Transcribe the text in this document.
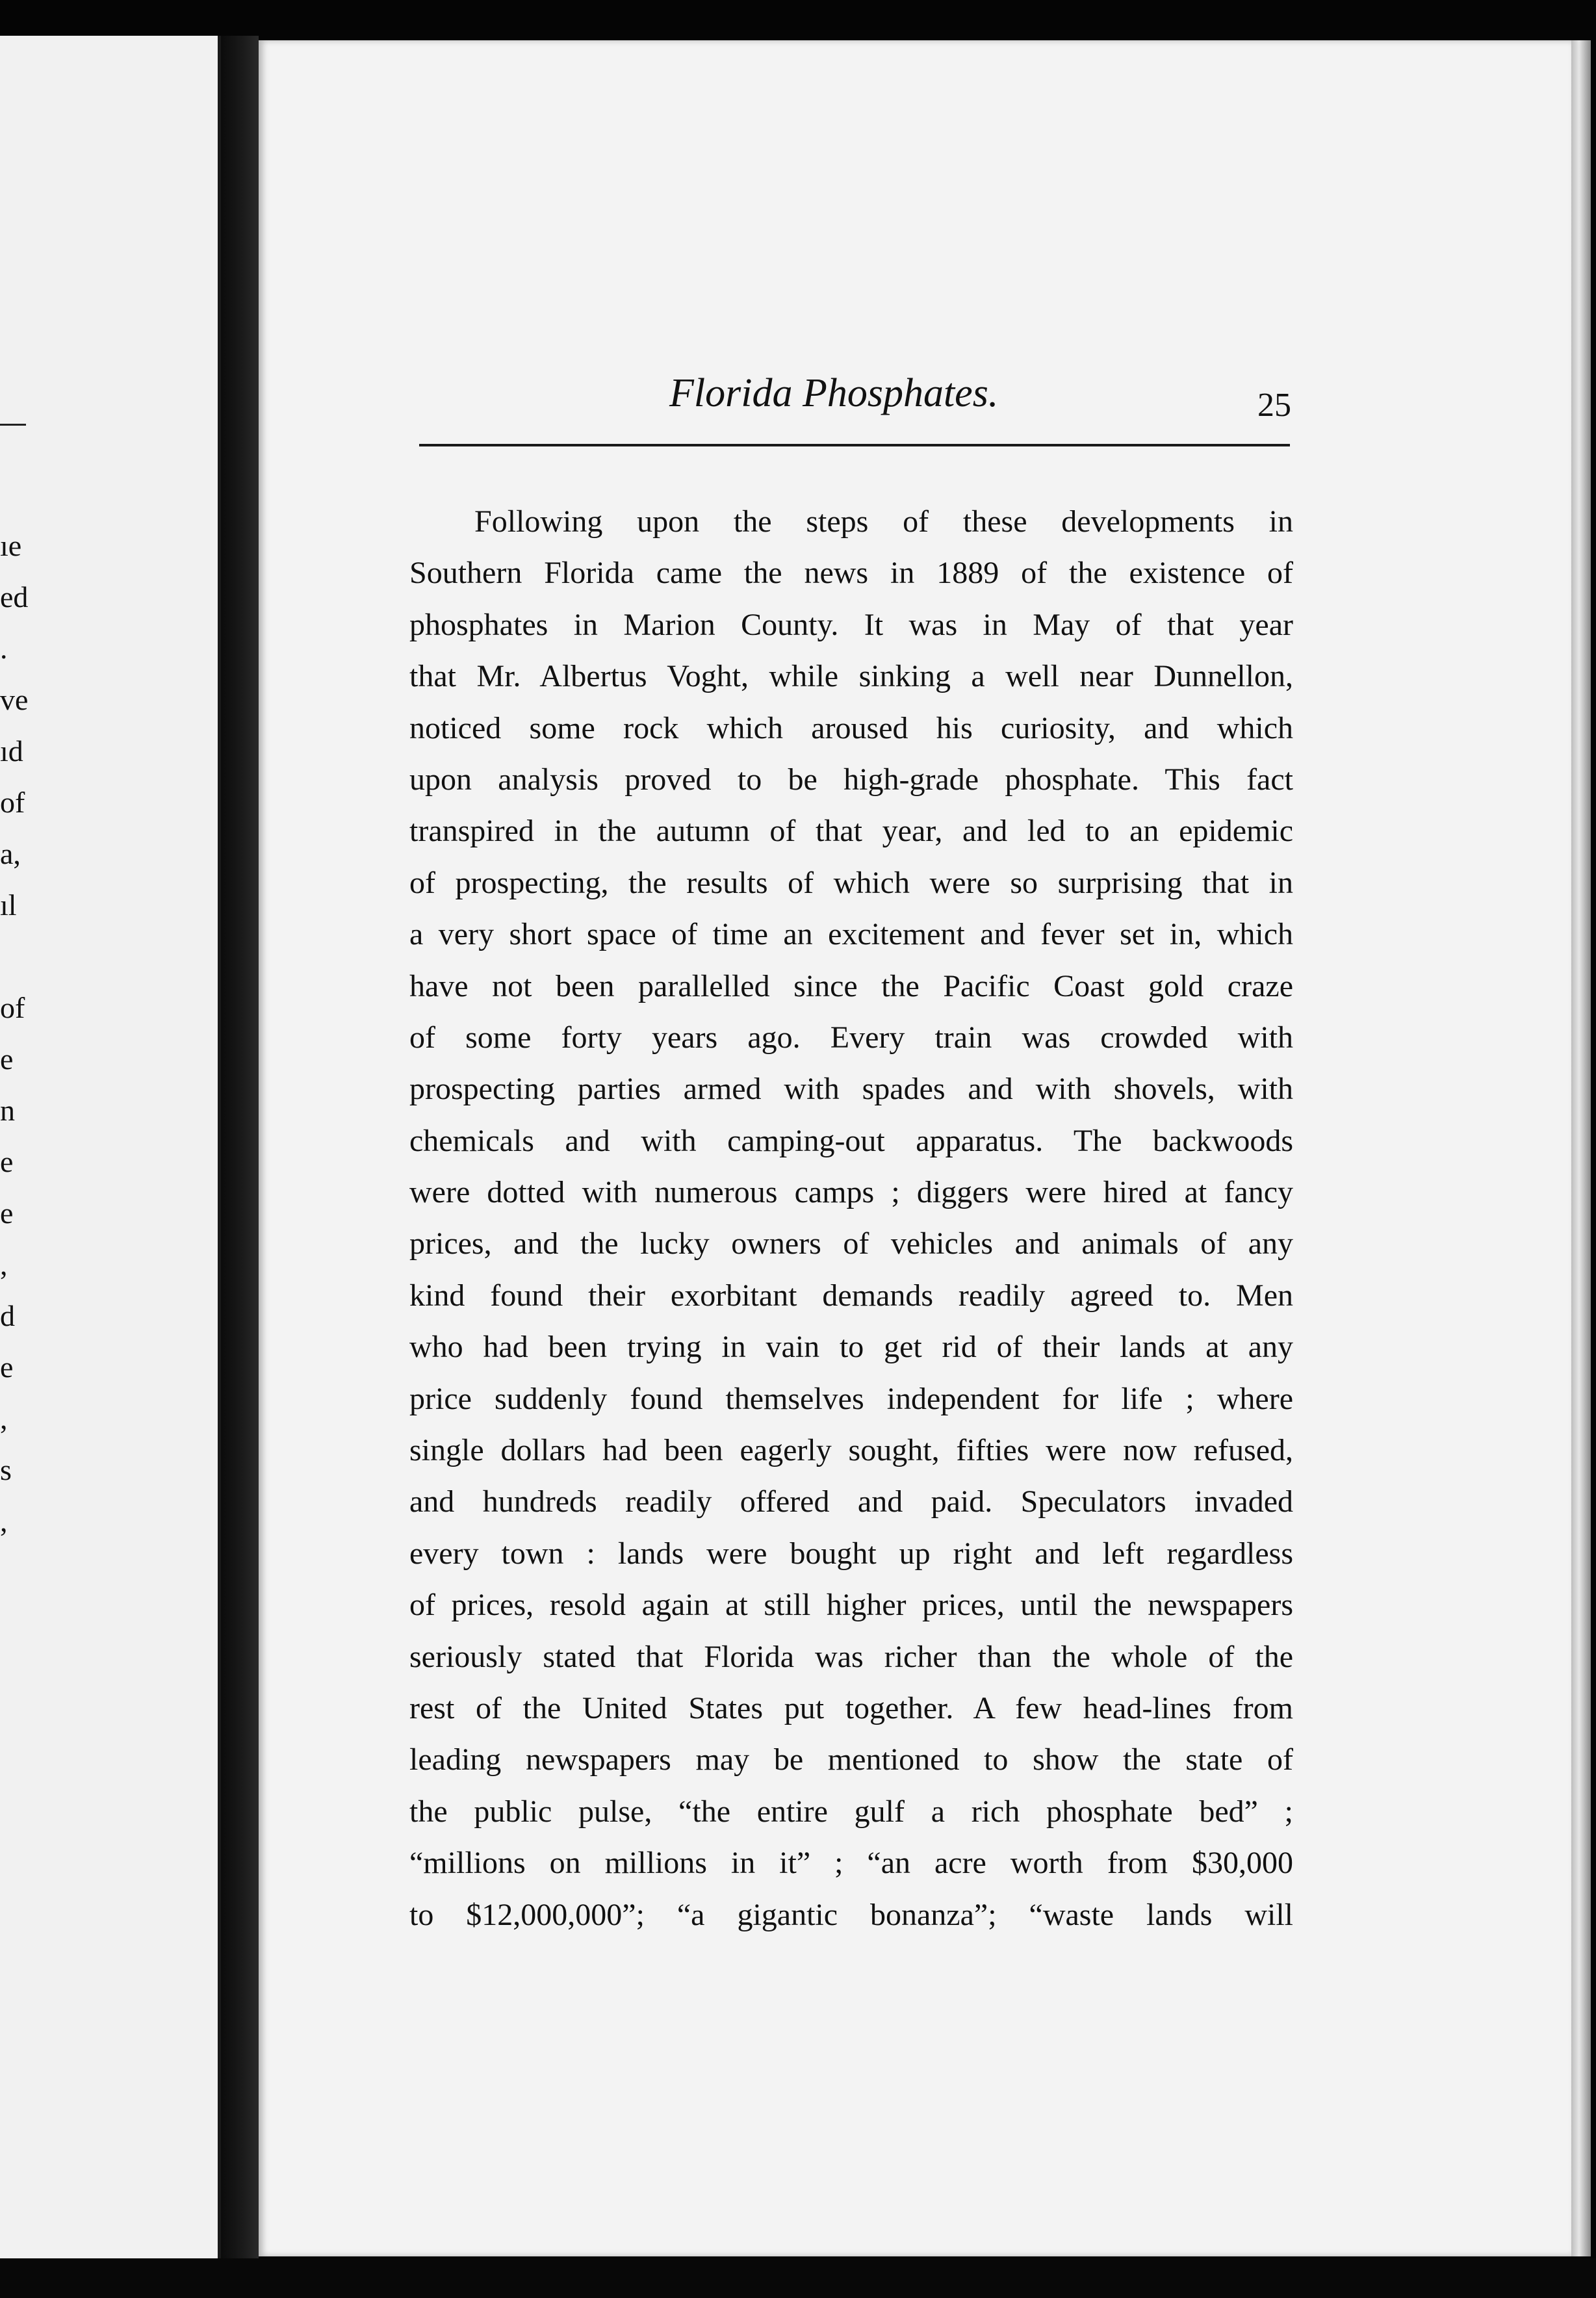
ıe
ed
.
ve
ıd
of
a,
ıl
of
e
n
e
e
,
d
e
,
s
,
Florida Phosphates.	25
Following upon the steps of these developments in
Southern Florida came the news in 1889 of the existence of
phosphates in Marion County. It was in May of that year
that Mr. Albertus Voght, while sinking a well near Dunnellon,
noticed some rock which aroused his curiosity, and which
upon analysis proved to be high-grade phosphate. This fact
transpired in the autumn of that year, and led to an epidemic
of prospecting, the results of which were so surprising that in
a very short space of time an excitement and fever set in, which
have not been parallelled since the Pacific Coast gold craze
of some forty years ago. Every train was crowded with
prospecting parties armed with spades and with shovels, with
chemicals and with camping-out apparatus. The backwoods
were dotted with numerous camps ; diggers were hired at fancy
prices, and the lucky owners of vehicles and animals of any
kind found their exorbitant demands readily agreed to. Men
who had been trying in vain to get rid of their lands at any
price suddenly found themselves independent for life ; where
single dollars had been eagerly sought, fifties were now refused,
and hundreds readily offered and paid. Speculators invaded
every town : lands were bought up right and left regardless
of prices, resold again at still higher prices, until the newspapers
seriously stated that Florida was richer than the whole of the
rest of the United States put together. A few head-lines from
leading newspapers may be mentioned to show the state of
the public pulse, “the entire gulf a rich phosphate bed” ;
“millions on millions in it” ; “an acre worth from $30,000
to $12,000,000”; “a gigantic bonanza”; “waste lands will
